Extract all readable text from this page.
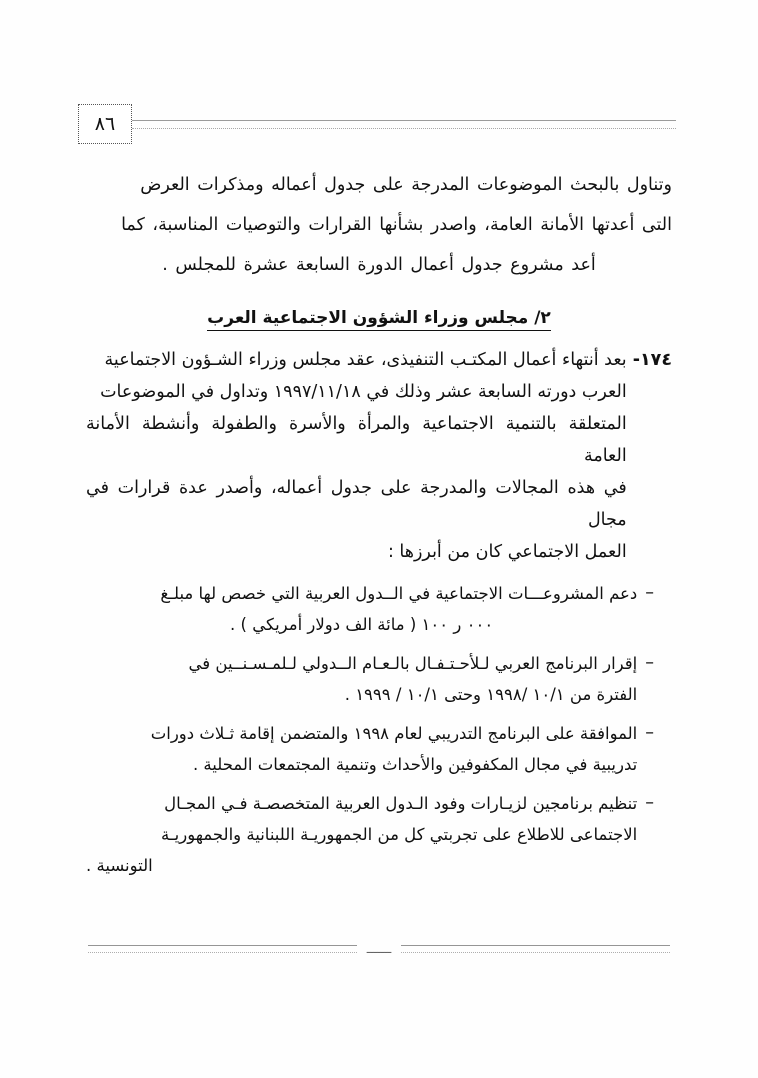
٨٦

وتناول بالبحث الموضوعات المدرجة على جدول أعماله ومذكرات العرض

التى أعدتها الأمانة العامة، واصدر بشأنها القرارات والتوصيات المناسبة، كما

أعد مشروع جدول أعمال الدورة السابعة عشرة للمجلس .

٢/ مجلس وزراء الشؤون الاجتماعية العرب
١٧٤-
بعد أنتهاء أعمال المكتـب التنفيذى، عقد مجلس وزراء الشـؤون الاجتماعية
العرب دورته السابعة عشر وذلك في ١٩٩٧/١١/١٨ وتداول في الموضوعات
المتعلقة بالتنمية الاجتماعية والمرأة والأسرة والطفولة وأنشطة الأمانة العامة
في هذه المجالات والمدرجة على جدول أعماله، وأصدر عدة قرارات في مجال
العمل الاجتماعي كان من أبرزها :
–
دعم المشروعـــات الاجتماعية في الــدول العربية التي خصص لها مبلـغ
٠٠٠ ر ١٠٠ ( مائة الف دولار أمريكي ) .
–
إقرار البرنامج العربي لـلأحـتـفـال بالـعـام الــدولي لـلمـسـنــين في
الفترة من ١٠/١ /١٩٩٨ وحتى ١٠/١ / ١٩٩٩ .
–
الموافقة على البرنامج التدريبي لعام ١٩٩٨ والمتضمن إقامة ثـلاث دورات
تدريبية في مجال المكفوفين والأحداث وتنمية المجتمعات المحلية .
–
تنظيم برنامجين لزيـارات وفود الـدول العربية المتخصصـة فـي المجـال
الاجتماعى للاطلاع على تجربتي كل من الجمهوريـة اللبنانية والجمهوريـة
التونسية .
ـــــــ
